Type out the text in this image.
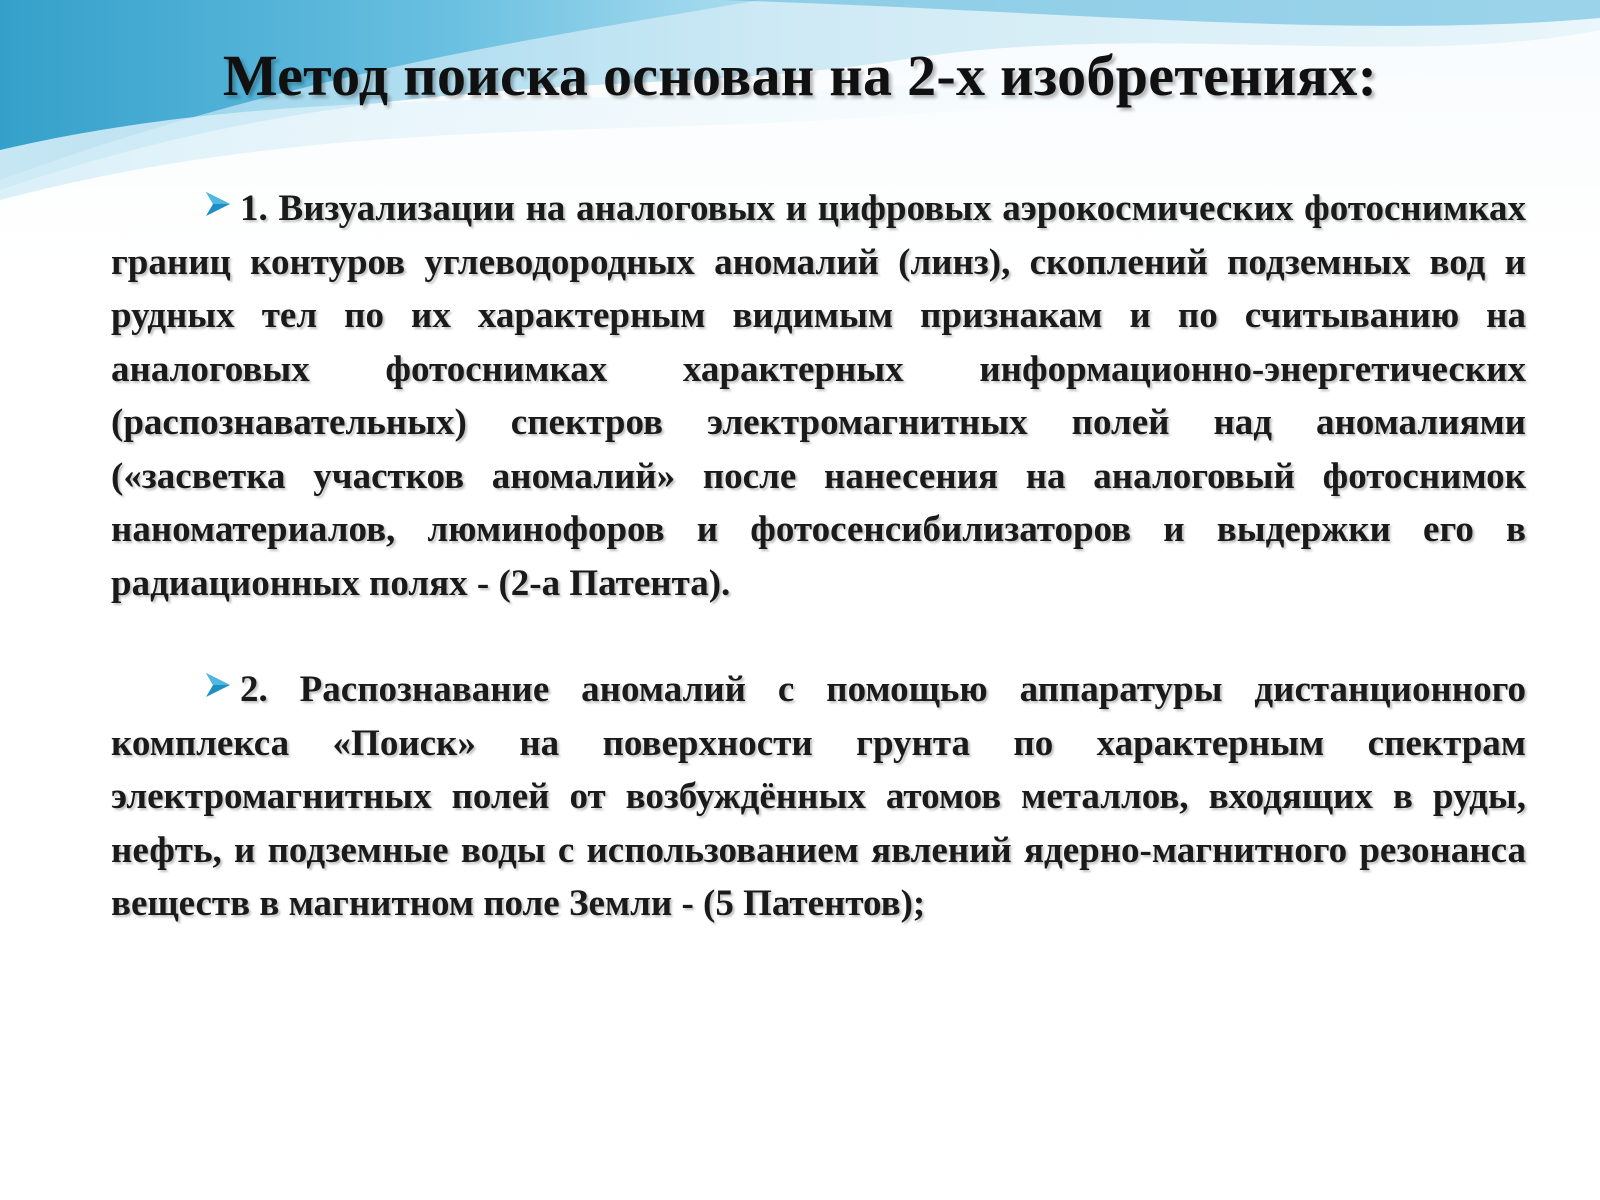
Метод поиска основан на 2-х изобретениях:

1. Визуализации на аналоговых и цифровых аэрокосмических фотоснимках границ контуров углеводородных аномалий (линз), скоплений подземных вод и рудных тел по их характерным видимым признакам и по считыванию на аналоговых фотоснимках характерных информационно-энергетических (распознавательных) спектров электромагнитных полей над аномалиями («засветка участков аномалий» после нанесения на аналоговый фотоснимок наноматериалов, люминофоров и фотосенсибилизаторов и выдержки его в радиационных полях - (2-а Патента).

2. Распознавание аномалий с помощью аппаратуры дистанционного комплекса «Поиск» на поверхности грунта по характерным спектрам электромагнитных полей от возбуждённых атомов металлов, входящих в руды, нефть, и подземные воды с использованием явлений ядерно-магнитного резонанса веществ в магнитном поле Земли - (5 Патентов);
